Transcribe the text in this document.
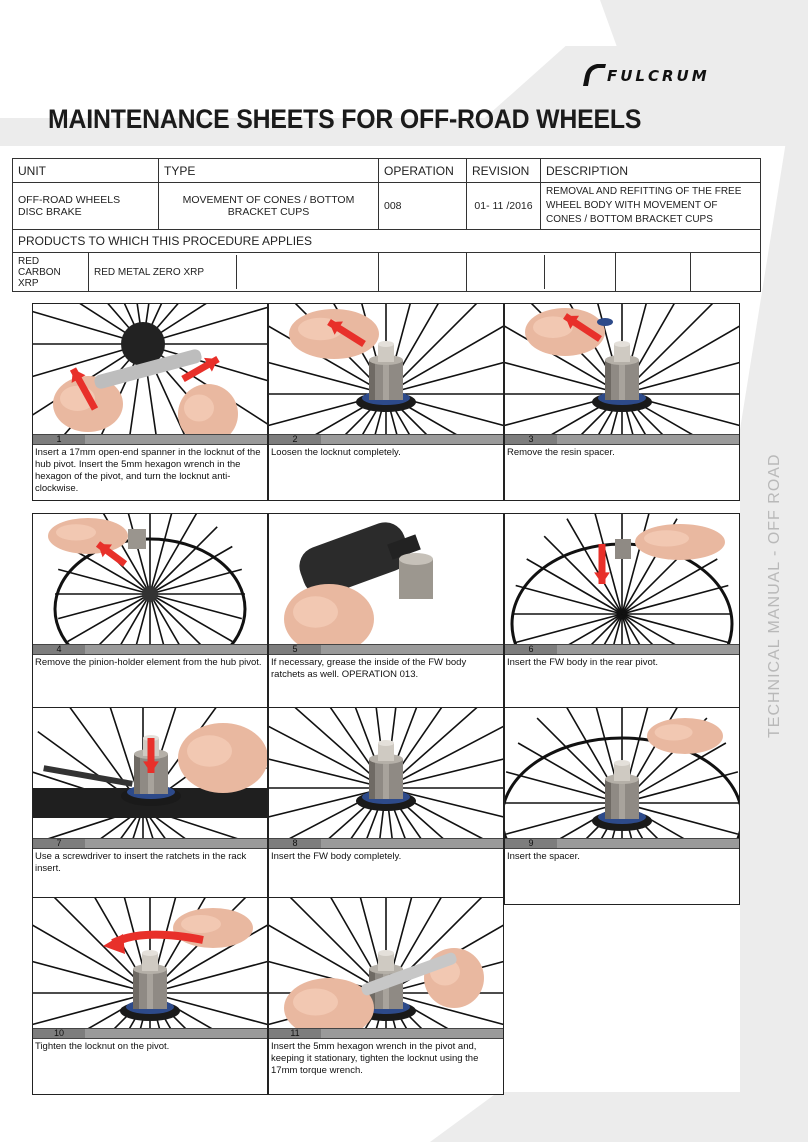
FULCRUM
MAINTENANCE SHEETS FOR OFF-ROAD WHEELS
UNIT		TYPE	OPERATION	REVISION	DESCRIPTION		

OFF-ROAD WHEELS
DISC BRAKE		MOVEMENT OF CONES / BOTTOM BRACKET CUPS	008	01- 11 /2016	REMOVAL AND REFITTING OF THE FREE WHEEL BODY WITH MOVEMENT OF CONES / BOTTOM BRACKET CUPS		
PRODUCTS TO WHICH THIS PROCEDURE APPLIES							
RED CARBON XRP	RED METAL ZERO XRP						

TECHNICAL MANUAL - OFF ROAD
1
Insert a 17mm open-end spanner in the locknut of the hub pivot. Insert the 5mm hexagon wrench in the hexagon of the pivot, and turn the locknut anti-clockwise.
2
Loosen the locknut completely.
3
Remove the resin spacer.
4
Remove the pinion-holder element from the hub pivot.
5
If necessary, grease the inside of the FW body ratchets as well. OPERATION 013.
6
Insert the FW body in the rear pivot.
7
Use a screwdriver to insert the ratchets in the rack insert.
8
Insert the FW body completely.
9
Insert the spacer.
10
Tighten the locknut on the pivot.
11
Insert the 5mm hexagon wrench in the pivot and, keeping it stationary, tighten the locknut using the 17mm torque wrench.
